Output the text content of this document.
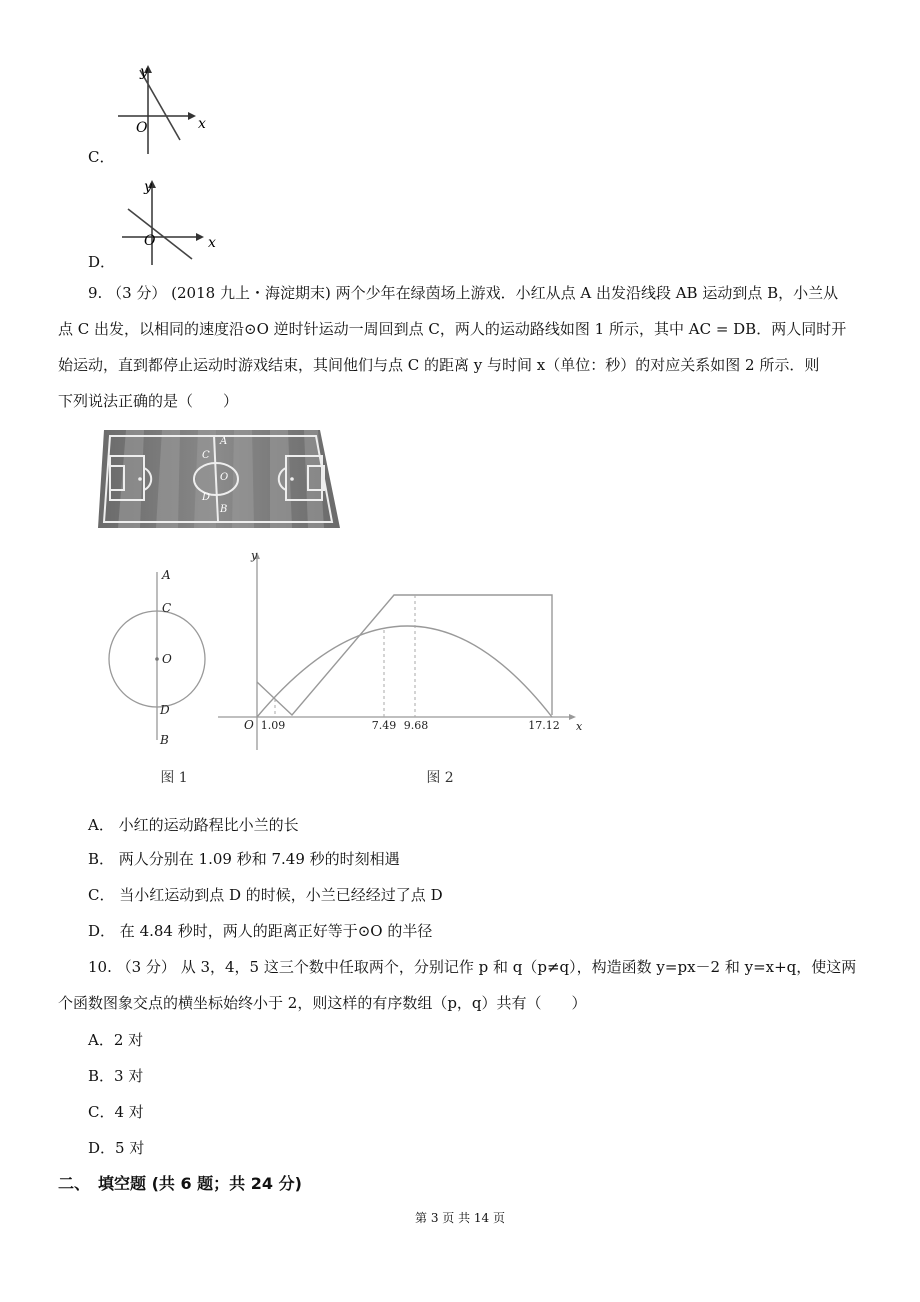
y
x
O
C．
y
x
O
D．
9. （3 分） (2018 九上・海淀期末) 两个少年在绿茵场上游戏．小红从点 A 出发沿线段 AB 运动到点 B，小兰从
点 C 出发，以相同的速度沿⊙O 逆时针运动一周回到点 C，两人的运动路线如图 1 所示，其中 AC = DB．两人同时开
始运动，直到都停止运动时游戏结束，其间他们与点 C 的距离 y 与时间 x（单位：秒）的对应关系如图 2 所示．则
下列说法正确的是（　　）
A
C
O
D
B
A
C
O
D
B
图 1
y
x
O 1.09	7.49 9.68	17.12
图 2
A． 小红的运动路程比小兰的长
B． 两人分别在 1.09 秒和 7.49 秒的时刻相遇
C． 当小红运动到点 D 的时候，小兰已经经过了点 D
D． 在 4.84 秒时，两人的距离正好等于⊙O 的半径
10. （3 分） 从 3，4，5 这三个数中任取两个，分别记作 p 和 q（p≠q），构造函数 y=px－2 和 y=x+q，使这两
个函数图象交点的横坐标始终小于 2，则这样的有序数组（p，q）共有（　　）
A．2 对
B．3 对
C．4 对
D．5 对
二、　填空题 (共 6 题；共 24 分)
第 3 页 共 14 页
